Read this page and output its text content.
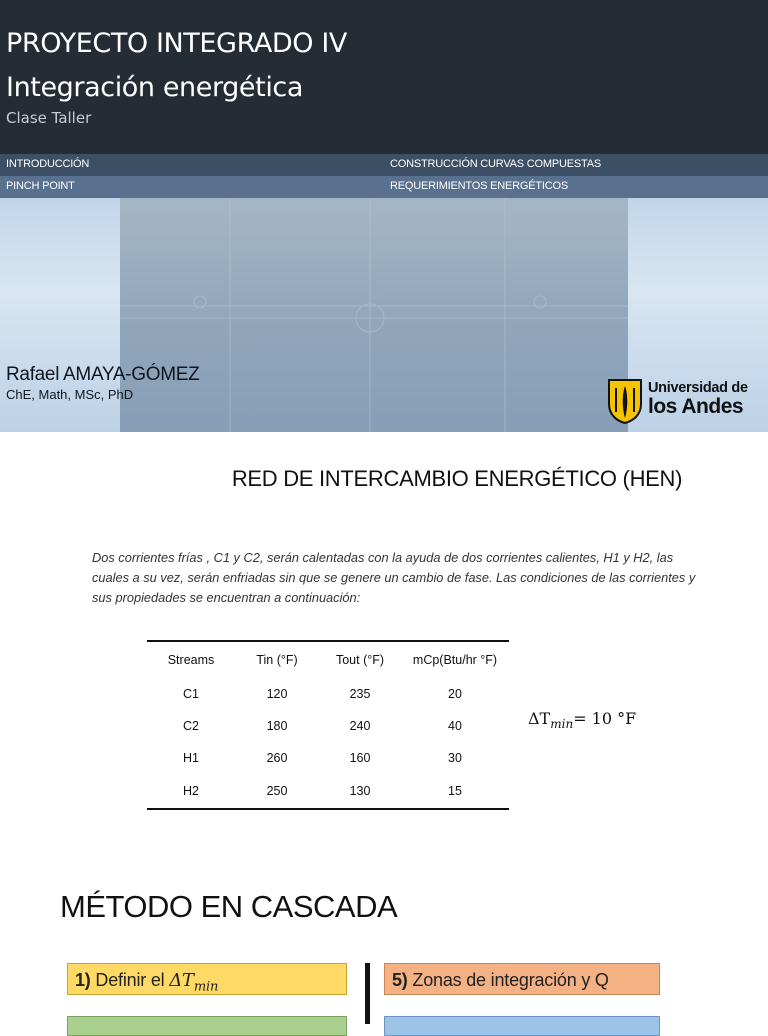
PROYECTO INTEGRADO IV
Integración energética
Clase Taller
INTRODUCCIÓN	CONSTRUCCIÓN CURVAS COMPUESTAS
PINCH POINT	REQUERIMIENTOS ENERGÉTICOS
Rafael AMAYA-GÓMEZ
ChE, Math, MSc, PhD	Universidad de
los Andes
RED DE INTERCAMBIO ENERGÉTICO (HEN)

Dos corrientes frías , C1 y C2, serán calentadas con la ayuda de dos corrientes calientes, H1 y H2, las cuales a su vez, serán enfriadas sin que se genere un cambio de fase. Las condiciones de las corrientes y sus propiedades se encuentran a continuación:

Streams	Tin (°F)	Tout (°F)	mCp(Btu/hr °F)
C1	120	235	20
C2	180	240	40
H1	260	160	30
H2	250	130	15
$\Delta T_{min}= 10$ °F
MÉTODO EN CASCADA
1) Definir el $\Delta T_{min}$	5) Zonas de integración y Q
